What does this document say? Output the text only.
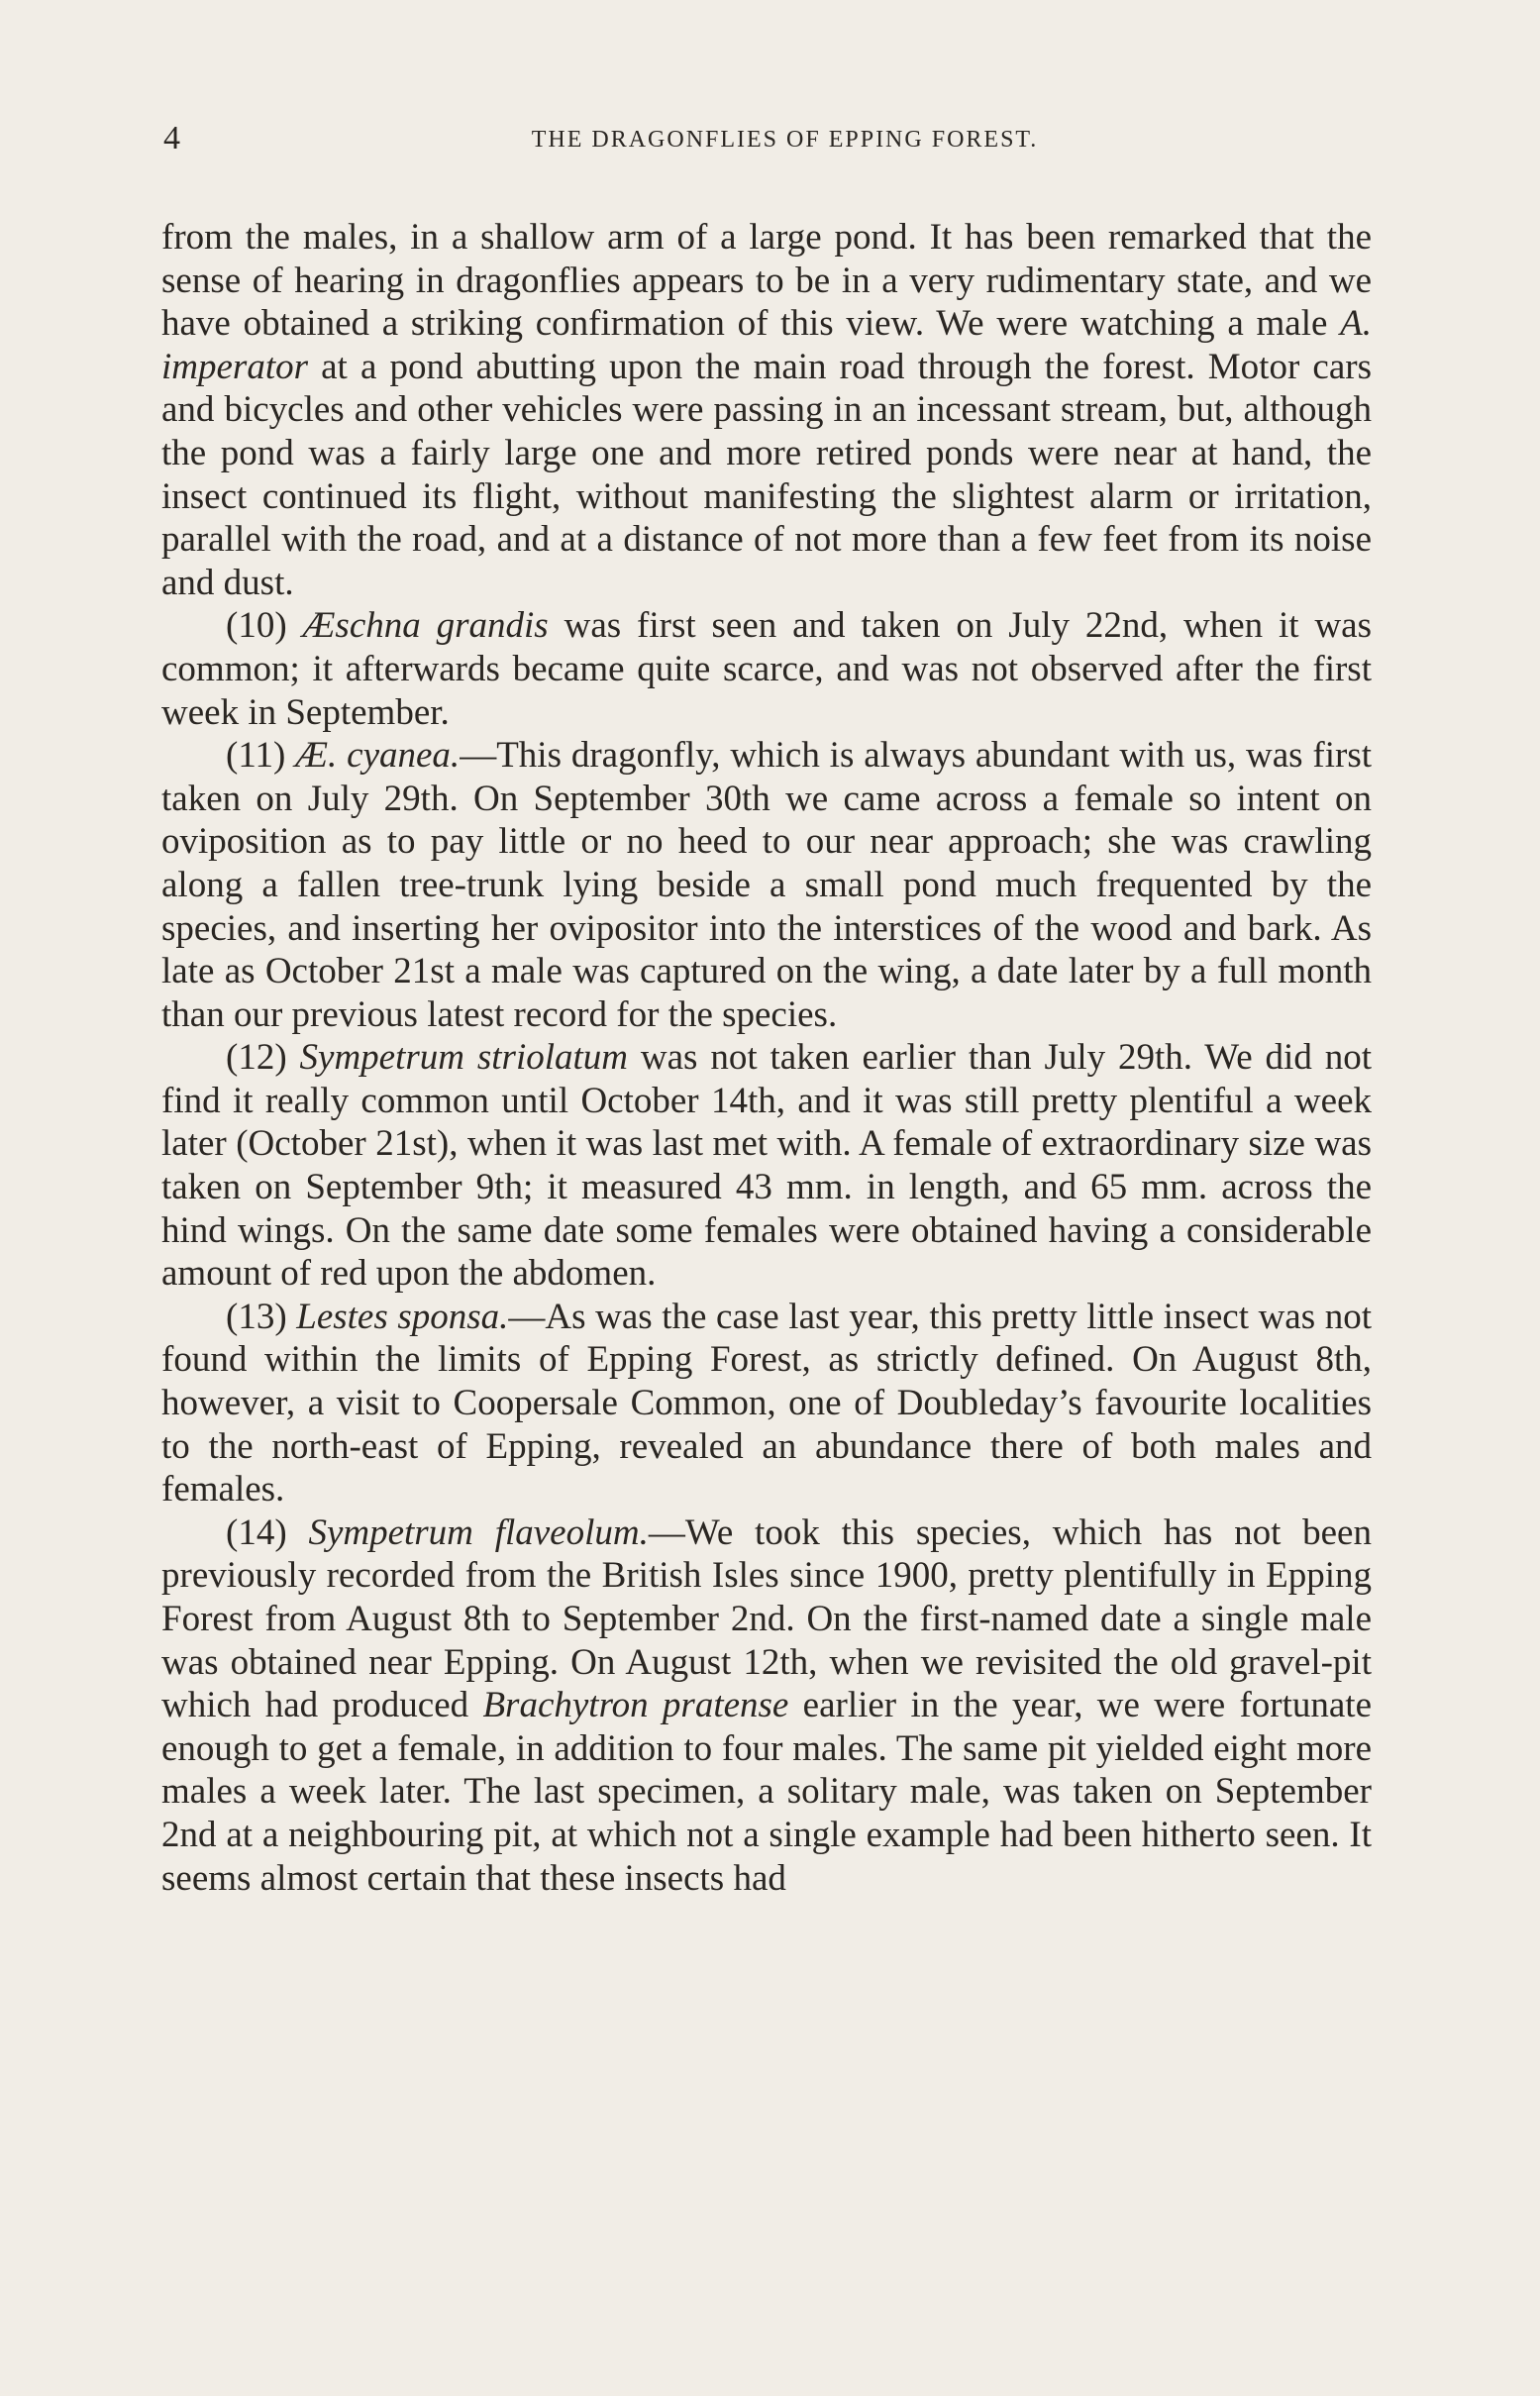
4	THE DRAGONFLIES OF EPPING FOREST.

from the males, in a shallow arm of a large pond. It has been remarked that the sense of hearing in dragonflies appears to be in a very rudimentary state, and we have obtained a striking confirmation of this view. We were watching a male A. imperator at a pond abutting upon the main road through the forest. Motor cars and bicycles and other vehicles were passing in an incessant stream, but, although the pond was a fairly large one and more retired ponds were near at hand, the insect continued its flight, without manifesting the slightest alarm or irritation, parallel with the road, and at a distance of not more than a few feet from its noise and dust.

(10) Æschna grandis was first seen and taken on July 22nd, when it was common; it afterwards became quite scarce, and was not observed after the first week in September.

(11) Æ. cyanea.—This dragonfly, which is always abundant with us, was first taken on July 29th. On September 30th we came across a female so intent on oviposition as to pay little or no heed to our near approach; she was crawling along a fallen tree-trunk lying beside a small pond much frequented by the species, and inserting her ovipositor into the interstices of the wood and bark. As late as October 21st a male was captured on the wing, a date later by a full month than our previous latest record for the species.

(12) Sympetrum striolatum was not taken earlier than July 29th. We did not find it really common until October 14th, and it was still pretty plentiful a week later (October 21st), when it was last met with. A female of extraordinary size was taken on September 9th; it measured 43 mm. in length, and 65 mm. across the hind wings. On the same date some females were obtained having a considerable amount of red upon the abdomen.

(13) Lestes sponsa.—As was the case last year, this pretty little insect was not found within the limits of Epping Forest, as strictly defined. On August 8th, however, a visit to Coopersale Common, one of Doubleday’s favourite localities to the north-east of Epping, revealed an abundance there of both males and females.

(14) Sympetrum flaveolum.—We took this species, which has not been previously recorded from the British Isles since 1900, pretty plentifully in Epping Forest from August 8th to September 2nd. On the first-named date a single male was obtained near Epping. On August 12th, when we revisited the old gravel-pit which had produced Brachytron pratense earlier in the year, we were fortunate enough to get a female, in addition to four males. The same pit yielded eight more males a week later. The last specimen, a solitary male, was taken on September 2nd at a neighbouring pit, at which not a single example had been hitherto seen. It seems almost certain that these insects had
